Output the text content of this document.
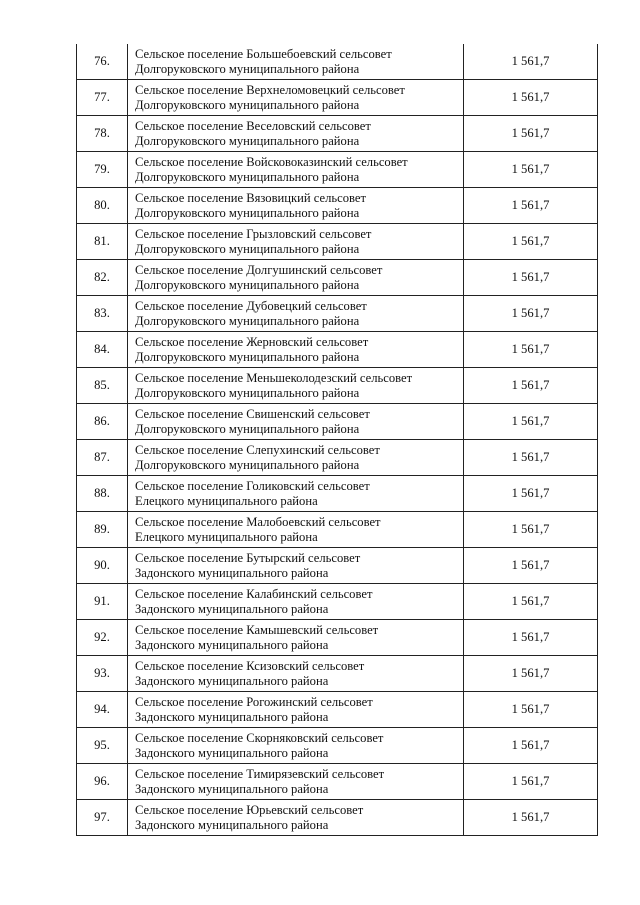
76.	Сельское поселение Большебоевский сельсовет
Долгоруковского муниципального района	1 561,7
77.	Сельское поселение Верхнеломовецкий сельсовет
Долгоруковского муниципального района	1 561,7
78.	Сельское поселение Веселовский сельсовет
Долгоруковского муниципального района	1 561,7
79.	Сельское поселение Войсковоказинский сельсовет
Долгоруковского муниципального района	1 561,7
80.	Сельское поселение Вязовицкий сельсовет
Долгоруковского муниципального района	1 561,7
81.	Сельское поселение Грызловский сельсовет
Долгоруковского муниципального района	1 561,7
82.	Сельское поселение Долгушинский сельсовет
Долгоруковского муниципального района	1 561,7
83.	Сельское поселение Дубовецкий сельсовет
Долгоруковского муниципального района	1 561,7
84.	Сельское поселение Жерновский сельсовет
Долгоруковского муниципального района	1 561,7
85.	Сельское поселение Меньшеколодезский сельсовет
Долгоруковского муниципального района	1 561,7
86.	Сельское поселение Свишенский сельсовет
Долгоруковского муниципального района	1 561,7
87.	Сельское поселение Слепухинский сельсовет
Долгоруковского муниципального района	1 561,7
88.	Сельское поселение Голиковский сельсовет
Елецкого муниципального района	1 561,7
89.	Сельское поселение Малобоевский сельсовет
Елецкого муниципального района	1 561,7
90.	Сельское поселение Бутырский сельсовет
Задонского муниципального района	1 561,7
91.	Сельское поселение Калабинский сельсовет
Задонского муниципального района	1 561,7
92.	Сельское поселение Камышевский сельсовет
Задонского муниципального района	1 561,7
93.	Сельское поселение Ксизовский сельсовет
Задонского муниципального района	1 561,7
94.	Сельское поселение Рогожинский сельсовет
Задонского муниципального района	1 561,7
95.	Сельское поселение Скорняковский сельсовет
Задонского муниципального района	1 561,7
96.	Сельское поселение Тимирязевский сельсовет
Задонского муниципального района	1 561,7
97.	Сельское поселение Юрьевский сельсовет
Задонского муниципального района	1 561,7
